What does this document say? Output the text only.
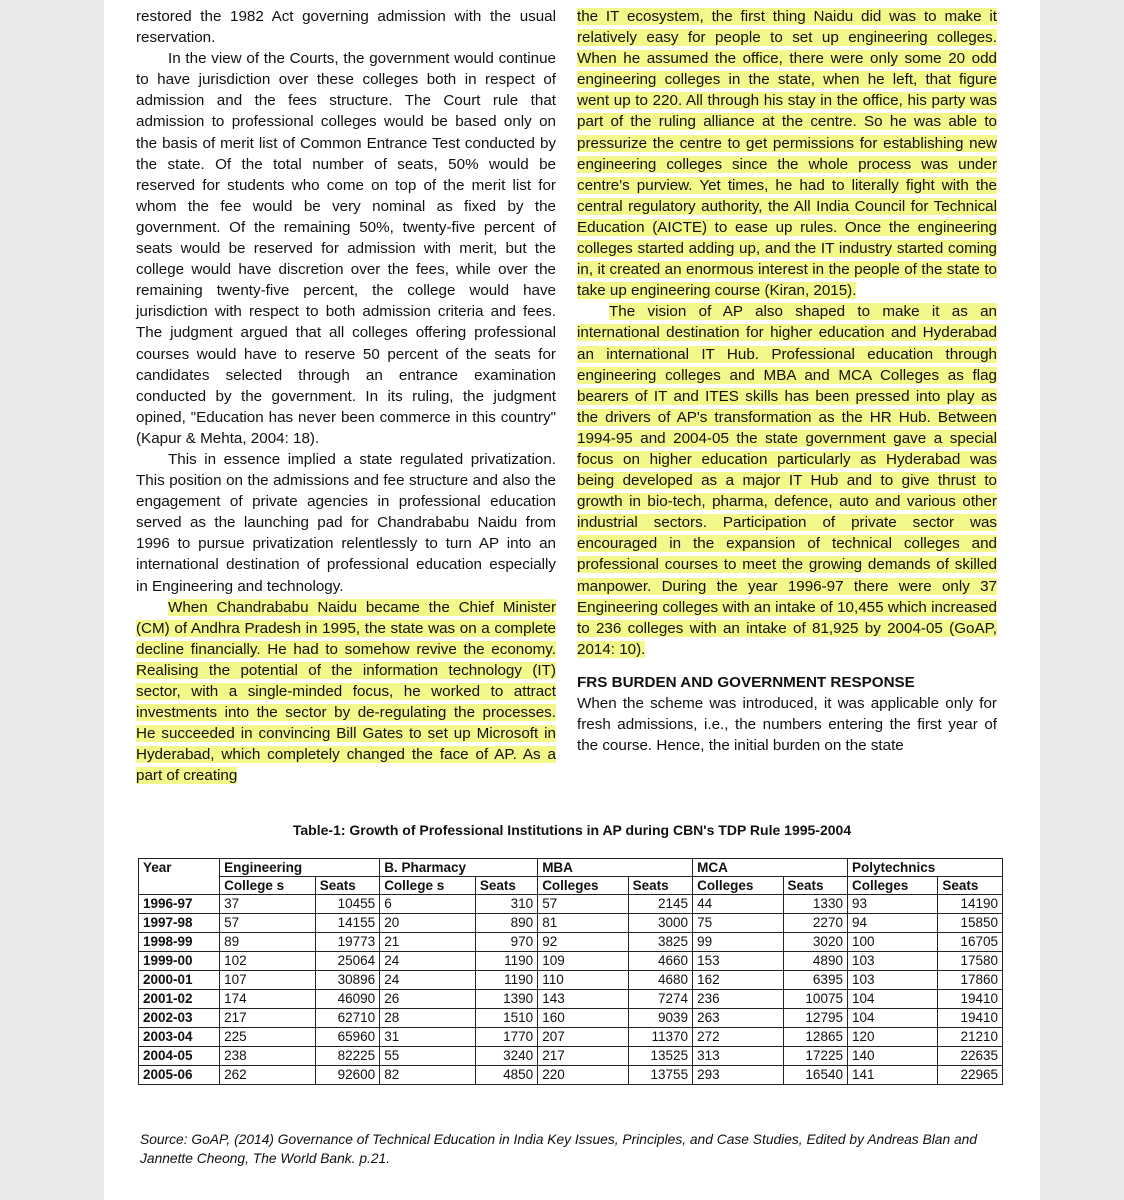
restored the 1982 Act governing admission with the usual reservation.

In the view of the Courts, the government would continue to have jurisdiction over these colleges both in respect of admission and the fees structure. The Court rule that admission to professional colleges would be based only on the basis of merit list of Common Entrance Test conducted by the state. Of the total number of seats, 50% would be reserved for students who come on top of the merit list for whom the fee would be very nominal as fixed by the government. Of the remaining 50%, twenty-five percent of seats would be reserved for admission with merit, but the college would have discretion over the fees, while over the remaining twenty-five percent, the college would have jurisdiction with respect to both admission criteria and fees. The judgment argued that all colleges offering professional courses would have to reserve 50 percent of the seats for candidates selected through an entrance examination conducted by the government. In its ruling, the judgment opined, "Education has never been commerce in this country" (Kapur & Mehta, 2004: 18).

This in essence implied a state regulated privatization. This position on the admissions and fee structure and also the engagement of private agencies in professional education served as the launching pad for Chandrababu Naidu from 1996 to pursue privatization relentlessly to turn AP into an international destination of professional education especially in Engineering and technology.

When Chandrababu Naidu became the Chief Minister (CM) of Andhra Pradesh in 1995, the state was on a complete decline financially. He had to somehow revive the economy. Realising the potential of the information technology (IT) sector, with a single-minded focus, he worked to attract investments into the sector by de-regulating the processes. He succeeded in convincing Bill Gates to set up Microsoft in Hyderabad, which completely changed the face of AP. As a part of creating

the IT ecosystem, the first thing Naidu did was to make it relatively easy for people to set up engineering colleges. When he assumed the office, there were only some 20 odd engineering colleges in the state, when he left, that figure went up to 220. All through his stay in the office, his party was part of the ruling alliance at the centre. So he was able to pressurize the centre to get permissions for establishing new engineering colleges since the whole process was under centre's purview. Yet times, he had to literally fight with the central regulatory authority, the All India Council for Technical Education (AICTE) to ease up rules. Once the engineering colleges started adding up, and the IT industry started coming in, it created an enormous interest in the people of the state to take up engineering course (Kiran, 2015).

The vision of AP also shaped to make it as an international destination for higher education and Hyderabad an international IT Hub. Professional education through engineering colleges and MBA and MCA Colleges as flag bearers of IT and ITES skills has been pressed into play as the drivers of AP's transformation as the HR Hub. Between 1994-95 and 2004-05 the state government gave a special focus on higher education particularly as Hyderabad was being developed as a major IT Hub and to give thrust to growth in bio-tech, pharma, defence, auto and various other industrial sectors. Participation of private sector was encouraged in the expansion of technical colleges and professional courses to meet the growing demands of skilled manpower. During the year 1996-97 there were only 37 Engineering colleges with an intake of 10,455 which increased to 236 colleges with an intake of 81,925 by 2004-05 (GoAP, 2014: 10).

FRS BURDEN AND GOVERNMENT RESPONSE

When the scheme was introduced, it was applicable only for fresh admissions, i.e., the numbers entering the first year of the course. Hence, the initial burden on the state

Table-1: Growth of Professional Institutions in AP during CBN's TDP Rule 1995-2004
Year	Engineering		B. Pharmacy		MBA		MCA		Polytechnics	
	College s	Seats	College s	Seats	Colleges	Seats	Colleges	Seats	Colleges	Seats
1996-97	37	10455	6	310	57	2145	44	1330	93	14190
1997-98	57	14155	20	890	81	3000	75	2270	94	15850
1998-99	89	19773	21	970	92	3825	99	3020	100	16705
1999-00	102	25064	24	1190	109	4660	153	4890	103	17580
2000-01	107	30896	24	1190	110	4680	162	6395	103	17860
2001-02	174	46090	26	1390	143	7274	236	10075	104	19410
2002-03	217	62710	28	1510	160	9039	263	12795	104	19410
2003-04	225	65960	31	1770	207	11370	272	12865	120	21210
2004-05	238	82225	55	3240	217	13525	313	17225	140	22635
2005-06	262	92600	82	4850	220	13755	293	16540	141	22965
Source: GoAP, (2014) Governance of Technical Education in India Key Issues, Principles, and Case Studies, Edited by Andreas Blan and Jannette Cheong, The World Bank. p.21.
